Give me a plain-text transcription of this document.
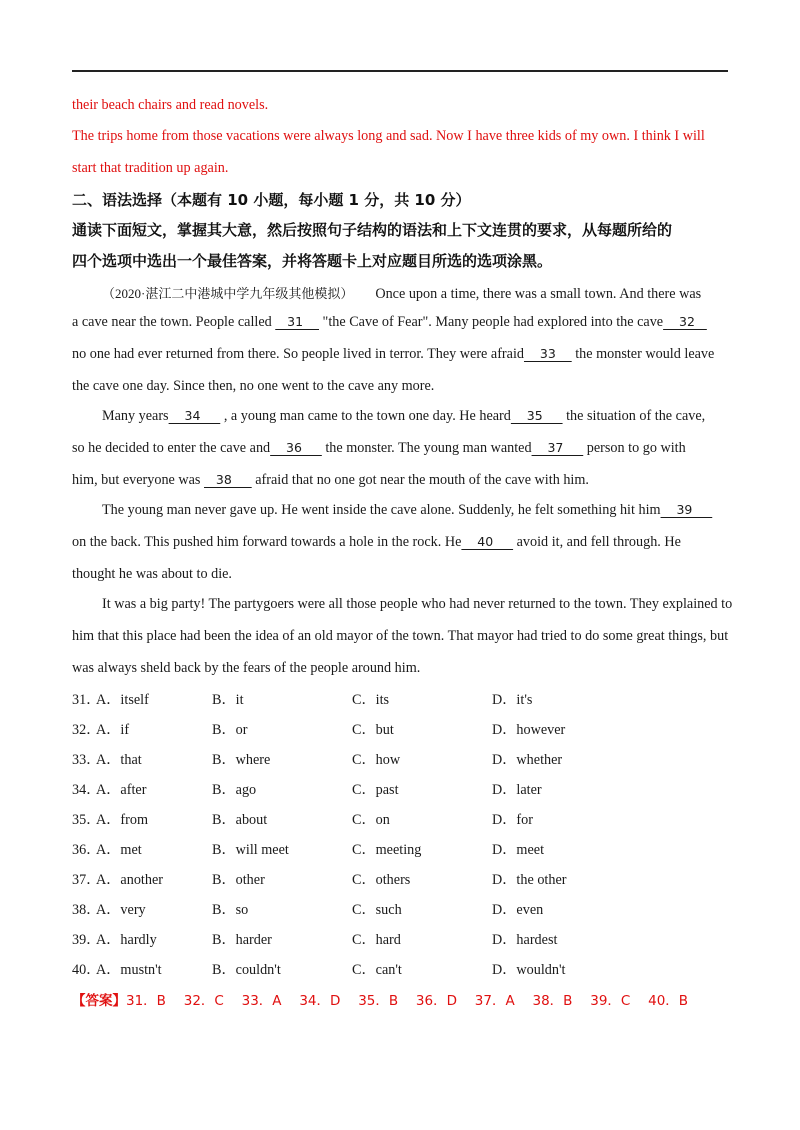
their beach chairs and read novels.
The trips home from those vacations were always long and sad. Now I have three kids of my own. I think I will
start that tradition up again.
二、语法选择（本题有 10 小题，每小题 1 分，共 10 分）
通读下面短文，掌握其大意，然后按照句子结构的语法和上下文连贯的要求，从每题所给的
四个选项中选出一个最佳答案，并将答题卡上对应题目所选的选项涂黑。
（2020·湛江二中港城中学九年级其他模拟） Once upon a time, there was a small town. And there was
a cave near the town. People called    31     "the Cave of Fear". Many people had explored into the cave    32
no one had ever returned from there. So people lived in terror. They were afraid    33     the monster would leave
the cave one day. Since then, no one went to the cave any more.
Many years    34      , a young man came to the town one day. He heard    35      the situation of the cave,
so he decided to enter the cave and    36      the monster. The young man wanted    37      person to go with
him, but everyone was    38      afraid that no one got near the mouth of the cave with him.
The young man never gave up. He went inside the cave alone. Suddenly, he felt something hit him    39
on the back. This pushed him forward towards a hole in the rock. He    40      avoid it, and fell through. He
thought he was about to die.
It was a big party! The partygoers were all those people who had never returned to the town. They explained to
him that this place had been the idea of an old mayor of the town. That mayor had tried to do some great things, but
was always sheld back by the fears of the people around him.
31．
A．itself	B．it	C．its	D．it's
32．
A．if	B．or	C．but	D．however
33．
A．that	B．where	C．how	D．whether
34．
A．after	B．ago	C．past	D．later
35．
A．from	B．about	C．on	D．for
36．
A．met	B．will meet	C．meeting	D．meet
37．
A．another	B．other	C．others	D．the other
38．
A．very	B．so	C．such	D．even
39．
A．hardly	B．harder	C．hard	D．hardest
40．
A．mustn't	B．couldn't	C．can't	D．wouldn't
【答案】31．B　 32．C　 33．A　 34．D　 35．B　 36．D　 37．A　 38．B　 39．C　 40．B
